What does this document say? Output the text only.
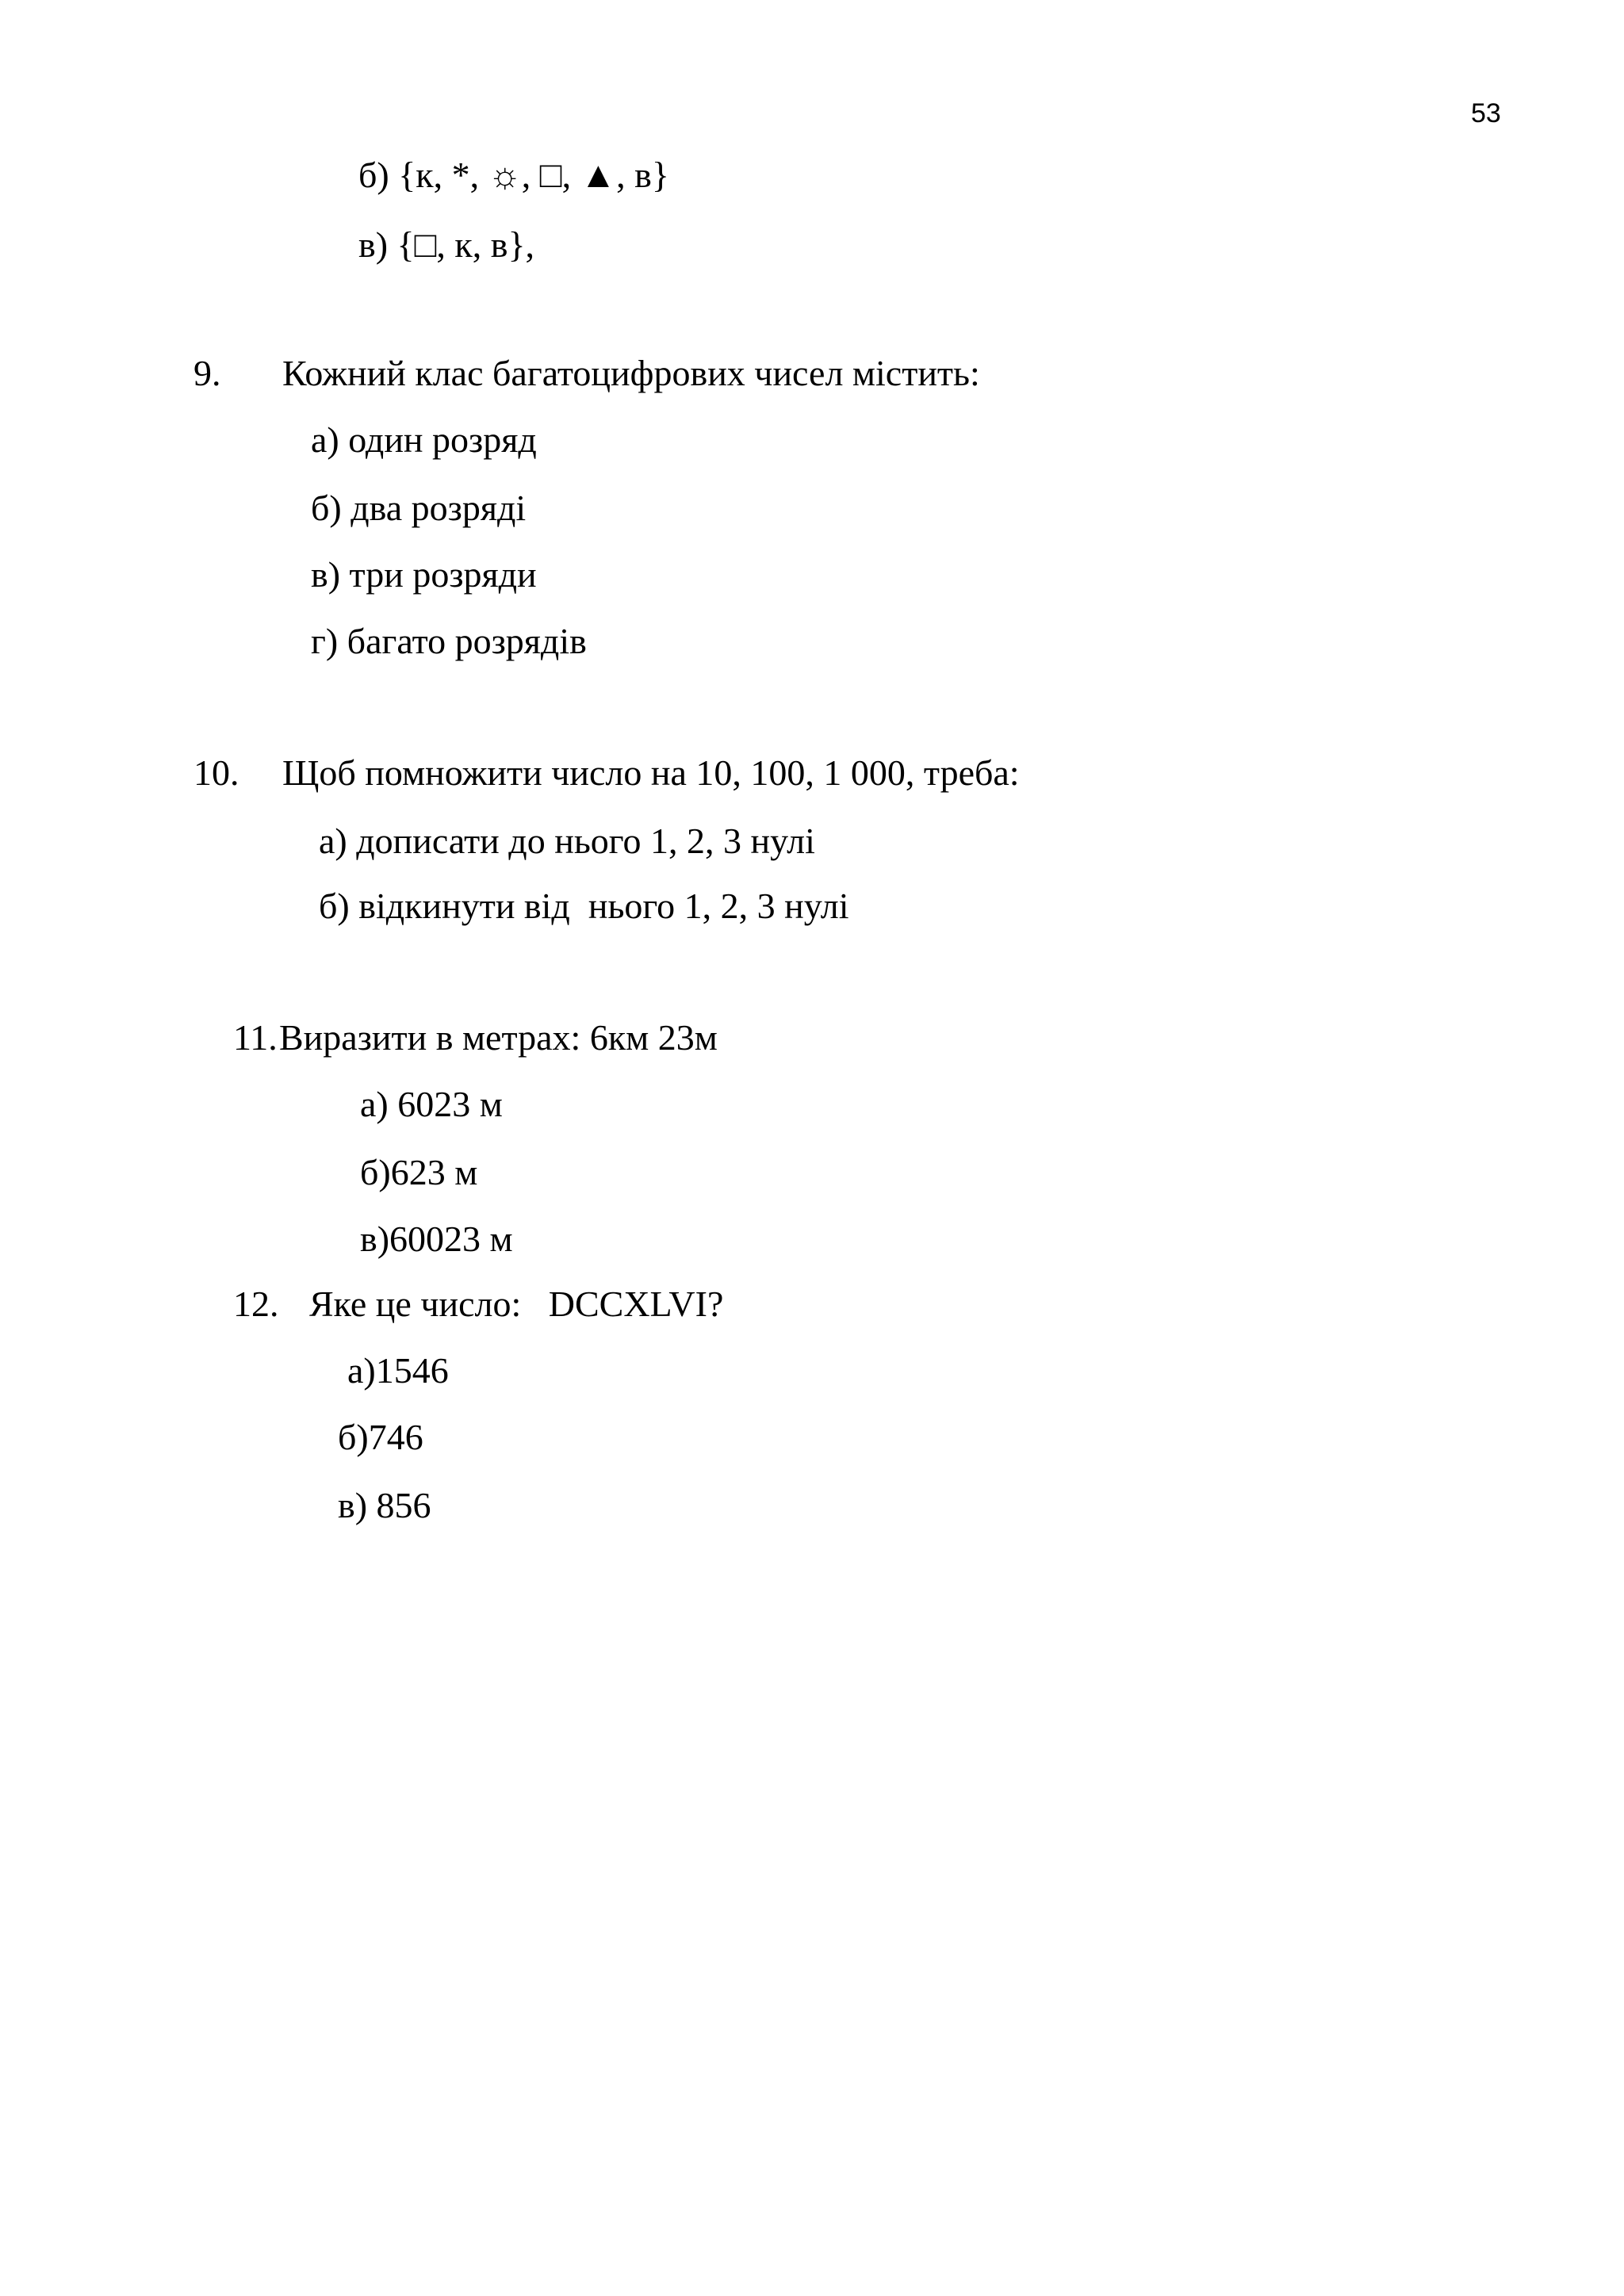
53
б) {к, *, ☼, □, ▲, в}
в) {□, к, в},
9. Кожний клас багатоцифрових чисел містить:
а) один розряд
б) два розряді
в) три розряди
г) багато розрядів
10. Щоб помножити число на 10, 100, 1 000, треба:
а) дописати до нього 1, 2, 3 нулі
б) відкинути від  нього 1, 2, 3 нулі
11. Виразити в метрах: 6км 23м
а) 6023 м
б)623 м
в)60023 м
12. Яке це число:   DCCXLVI?
а)1546
б)746
в) 856
